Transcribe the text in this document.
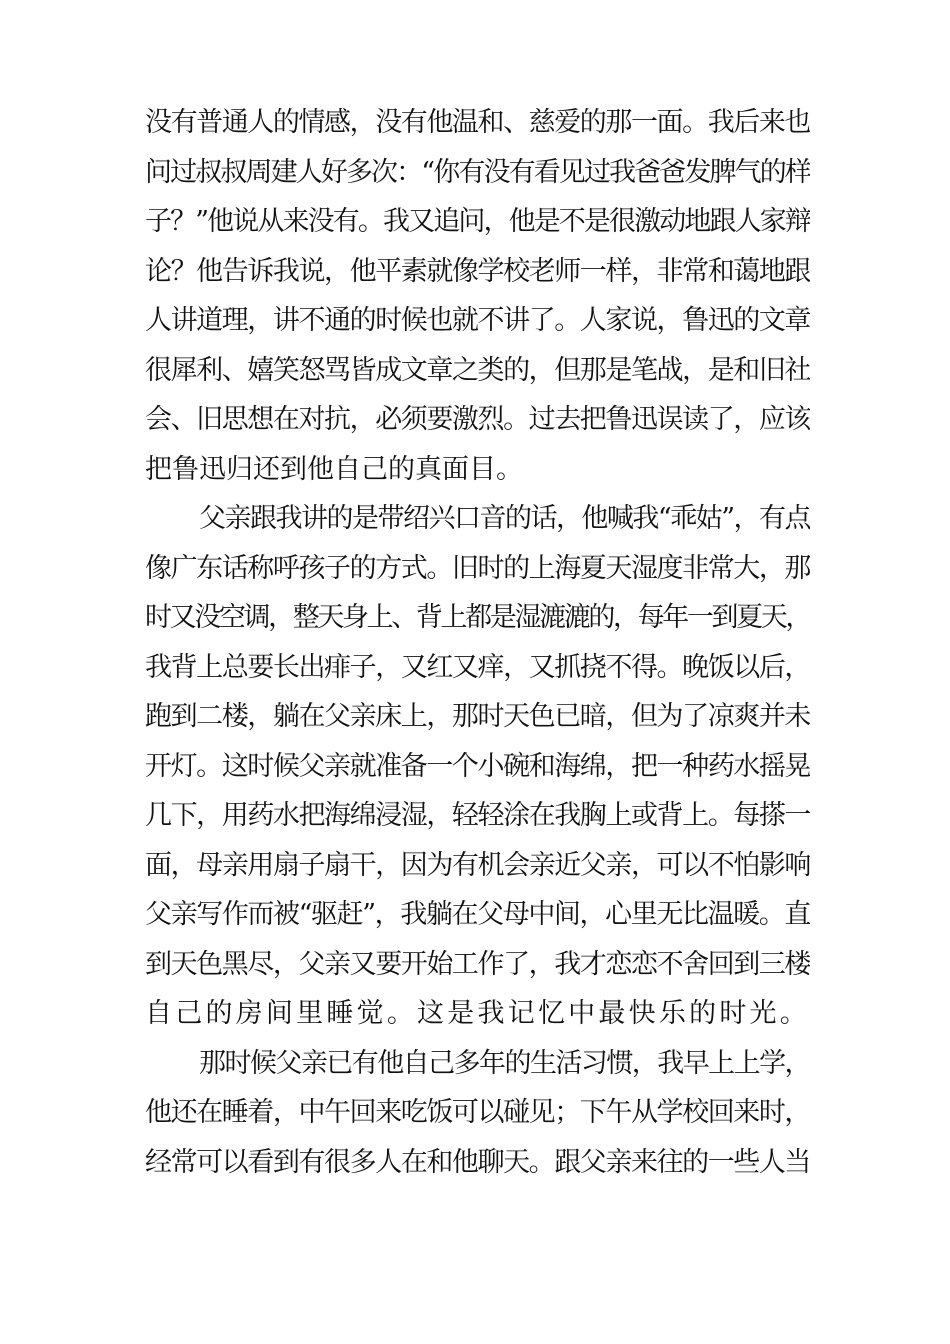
没有普通人的情感，没有他温和、慈爱的那一面。我后来也
问过叔叔周建人好多次：“你有没有看见过我爸爸发脾气的样
子？”他说从来没有。我又追问，他是不是很激动地跟人家辩
论？他告诉我说，他平素就像学校老师一样，非常和蔼地跟
人讲道理，讲不通的时候也就不讲了。人家说，鲁迅的文章
很犀利、嬉笑怒骂皆成文章之类的，但那是笔战，是和旧社
会、旧思想在对抗，必须要激烈。过去把鲁迅误读了，应该
把鲁迅归还到他自己的真面目。
父亲跟我讲的是带绍兴口音的话，他喊我“乖姑”，有点
像广东话称呼孩子的方式。旧时的上海夏天湿度非常大，那
时又没空调，整天身上、背上都是湿漉漉的，每年一到夏天，
我背上总要长出痱子，又红又痒，又抓挠不得。晚饭以后，
跑到二楼，躺在父亲床上，那时天色已暗，但为了凉爽并未
开灯。这时候父亲就准备一个小碗和海绵，把一种药水摇晃
几下，用药水把海绵浸湿，轻轻涂在我胸上或背上。每搽一
面，母亲用扇子扇干，因为有机会亲近父亲，可以不怕影响
父亲写作而被“驱赶”，我躺在父母中间，心里无比温暖。直
到天色黑尽，父亲又要开始工作了，我才恋恋不舍回到三楼
自己的房间里睡觉。这是我记忆中最快乐的时光。
那时候父亲已有他自己多年的生活习惯，我早上上学，
他还在睡着，中午回来吃饭可以碰见；下午从学校回来时，
经常可以看到有很多人在和他聊天。跟父亲来往的一些人当
